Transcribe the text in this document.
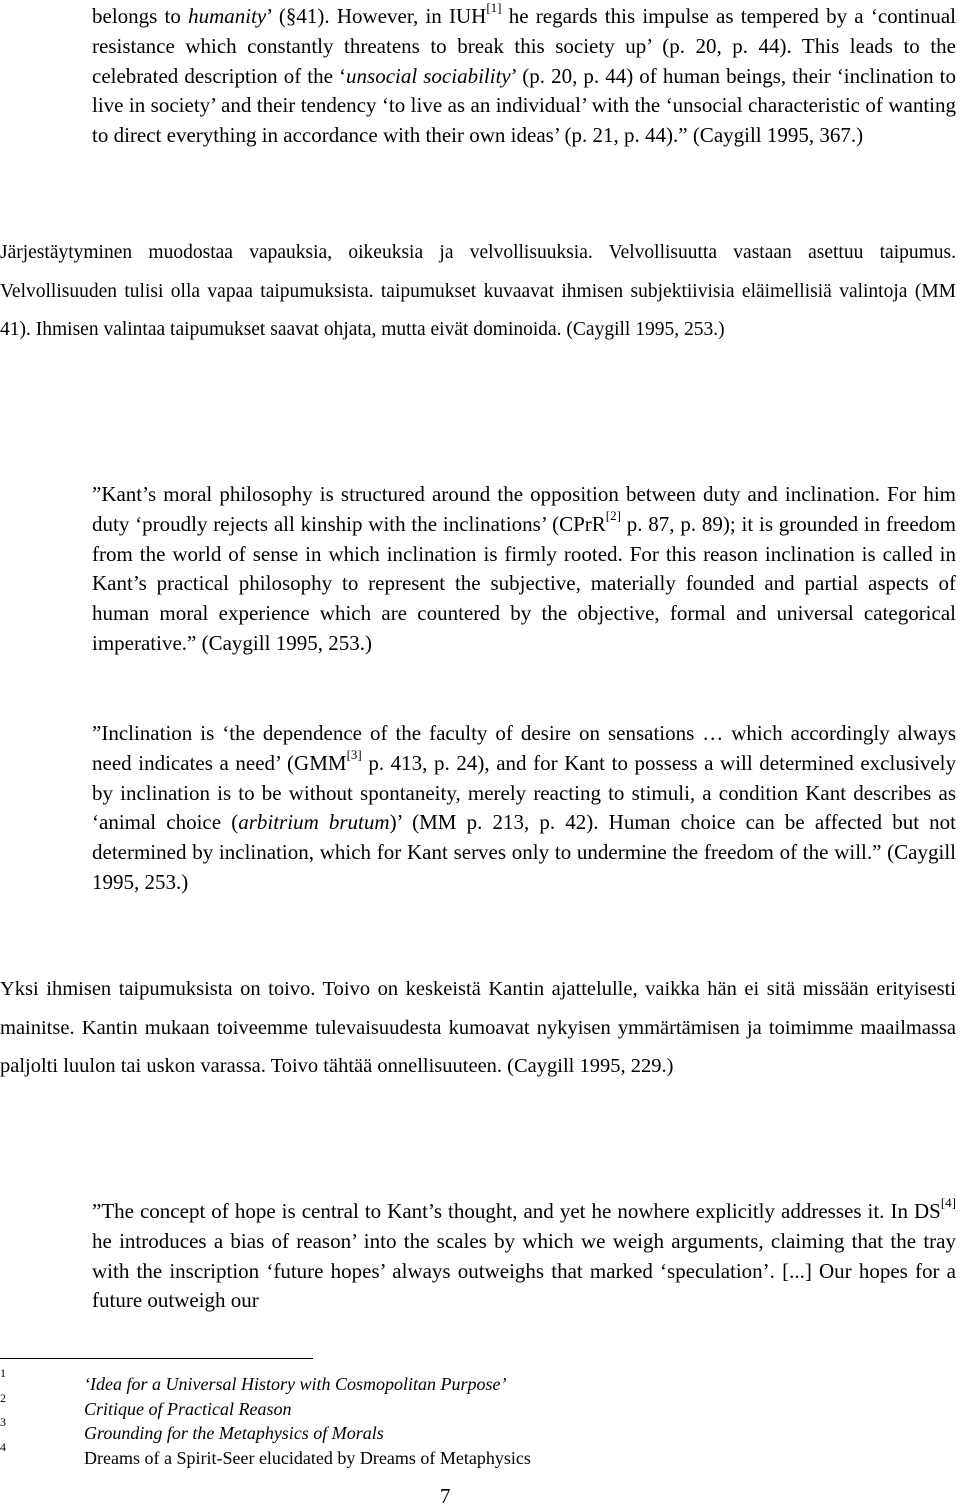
belongs to humanity’ (§41). However, in IUH[1] he regards this impulse as tempered by a ‘continual resistance which constantly threatens to break this society up’ (p. 20, p. 44). This leads to the celebrated description of the ‘unsocial sociability’ (p. 20, p. 44) of human beings, their ‘inclination to live in society’ and their tendency ‘to live as an individual’ with the ‘unsocial characteristic of wanting to direct everything in accordance with their own ideas’ (p. 21, p. 44).” (Caygill 1995, 367.)

Järjestäytyminen muodostaa vapauksia, oikeuksia ja velvollisuuksia. Velvollisuutta vastaan asettuu taipumus. Velvollisuuden tulisi olla vapaa taipumuksista. taipumukset kuvaavat ihmisen subjektiivisia eläimellisiä valintoja (MM 41). Ihmisen valintaa taipumukset saavat ohjata, mutta eivät dominoida. (Caygill 1995, 253.)

”Kant’s moral philosophy is structured around the opposition between duty and inclination. For him duty ‘proudly rejects all kinship with the inclinations’ (CPrR[2] p. 87, p. 89); it is grounded in freedom from the world of sense in which inclination is firmly rooted. For this reason inclination is called in Kant’s practical philosophy to represent the subjective, materially founded and partial aspects of human moral experience which are countered by the objective, formal and universal categorical imperative.” (Caygill 1995, 253.)

”Inclination is ‘the dependence of the faculty of desire on sensations … which accordingly always need indicates a need’ (GMM[3] p. 413, p. 24), and for Kant to possess a will determined exclusively by inclination is to be without spontaneity, merely reacting to stimuli, a condition Kant describes as ‘animal choice (arbitrium brutum)’ (MM p. 213, p. 42). Human choice can be affected but not determined by inclination, which for Kant serves only to undermine the freedom of the will.” (Caygill 1995, 253.)

Yksi ihmisen taipumuksista on toivo. Toivo on keskeistä Kantin ajattelulle, vaikka hän ei sitä missään erityisesti mainitse. Kantin mukaan toiveemme tulevaisuudesta kumoavat nykyisen ymmärtämisen ja toimimme maailmassa paljolti luulon tai uskon varassa. Toivo tähtää onnellisuuteen. (Caygill 1995, 229.)

”The concept of hope is central to Kant’s thought, and yet he nowhere explicitly addresses it. In DS[4] he introduces a bias of reason’ into the scales by which we weigh arguments, claiming that the tray with the inscription ‘future hopes’ always outweighs that marked ‘speculation’. [...] Our hopes for a future outweigh our

1
‘Idea for a Universal History with Cosmopolitan Purpose’
2
Critique of Practical Reason
3
Grounding for the Metaphysics of Morals
4
Dreams of a Spirit-Seer elucidated by Dreams of Metaphysics
7
